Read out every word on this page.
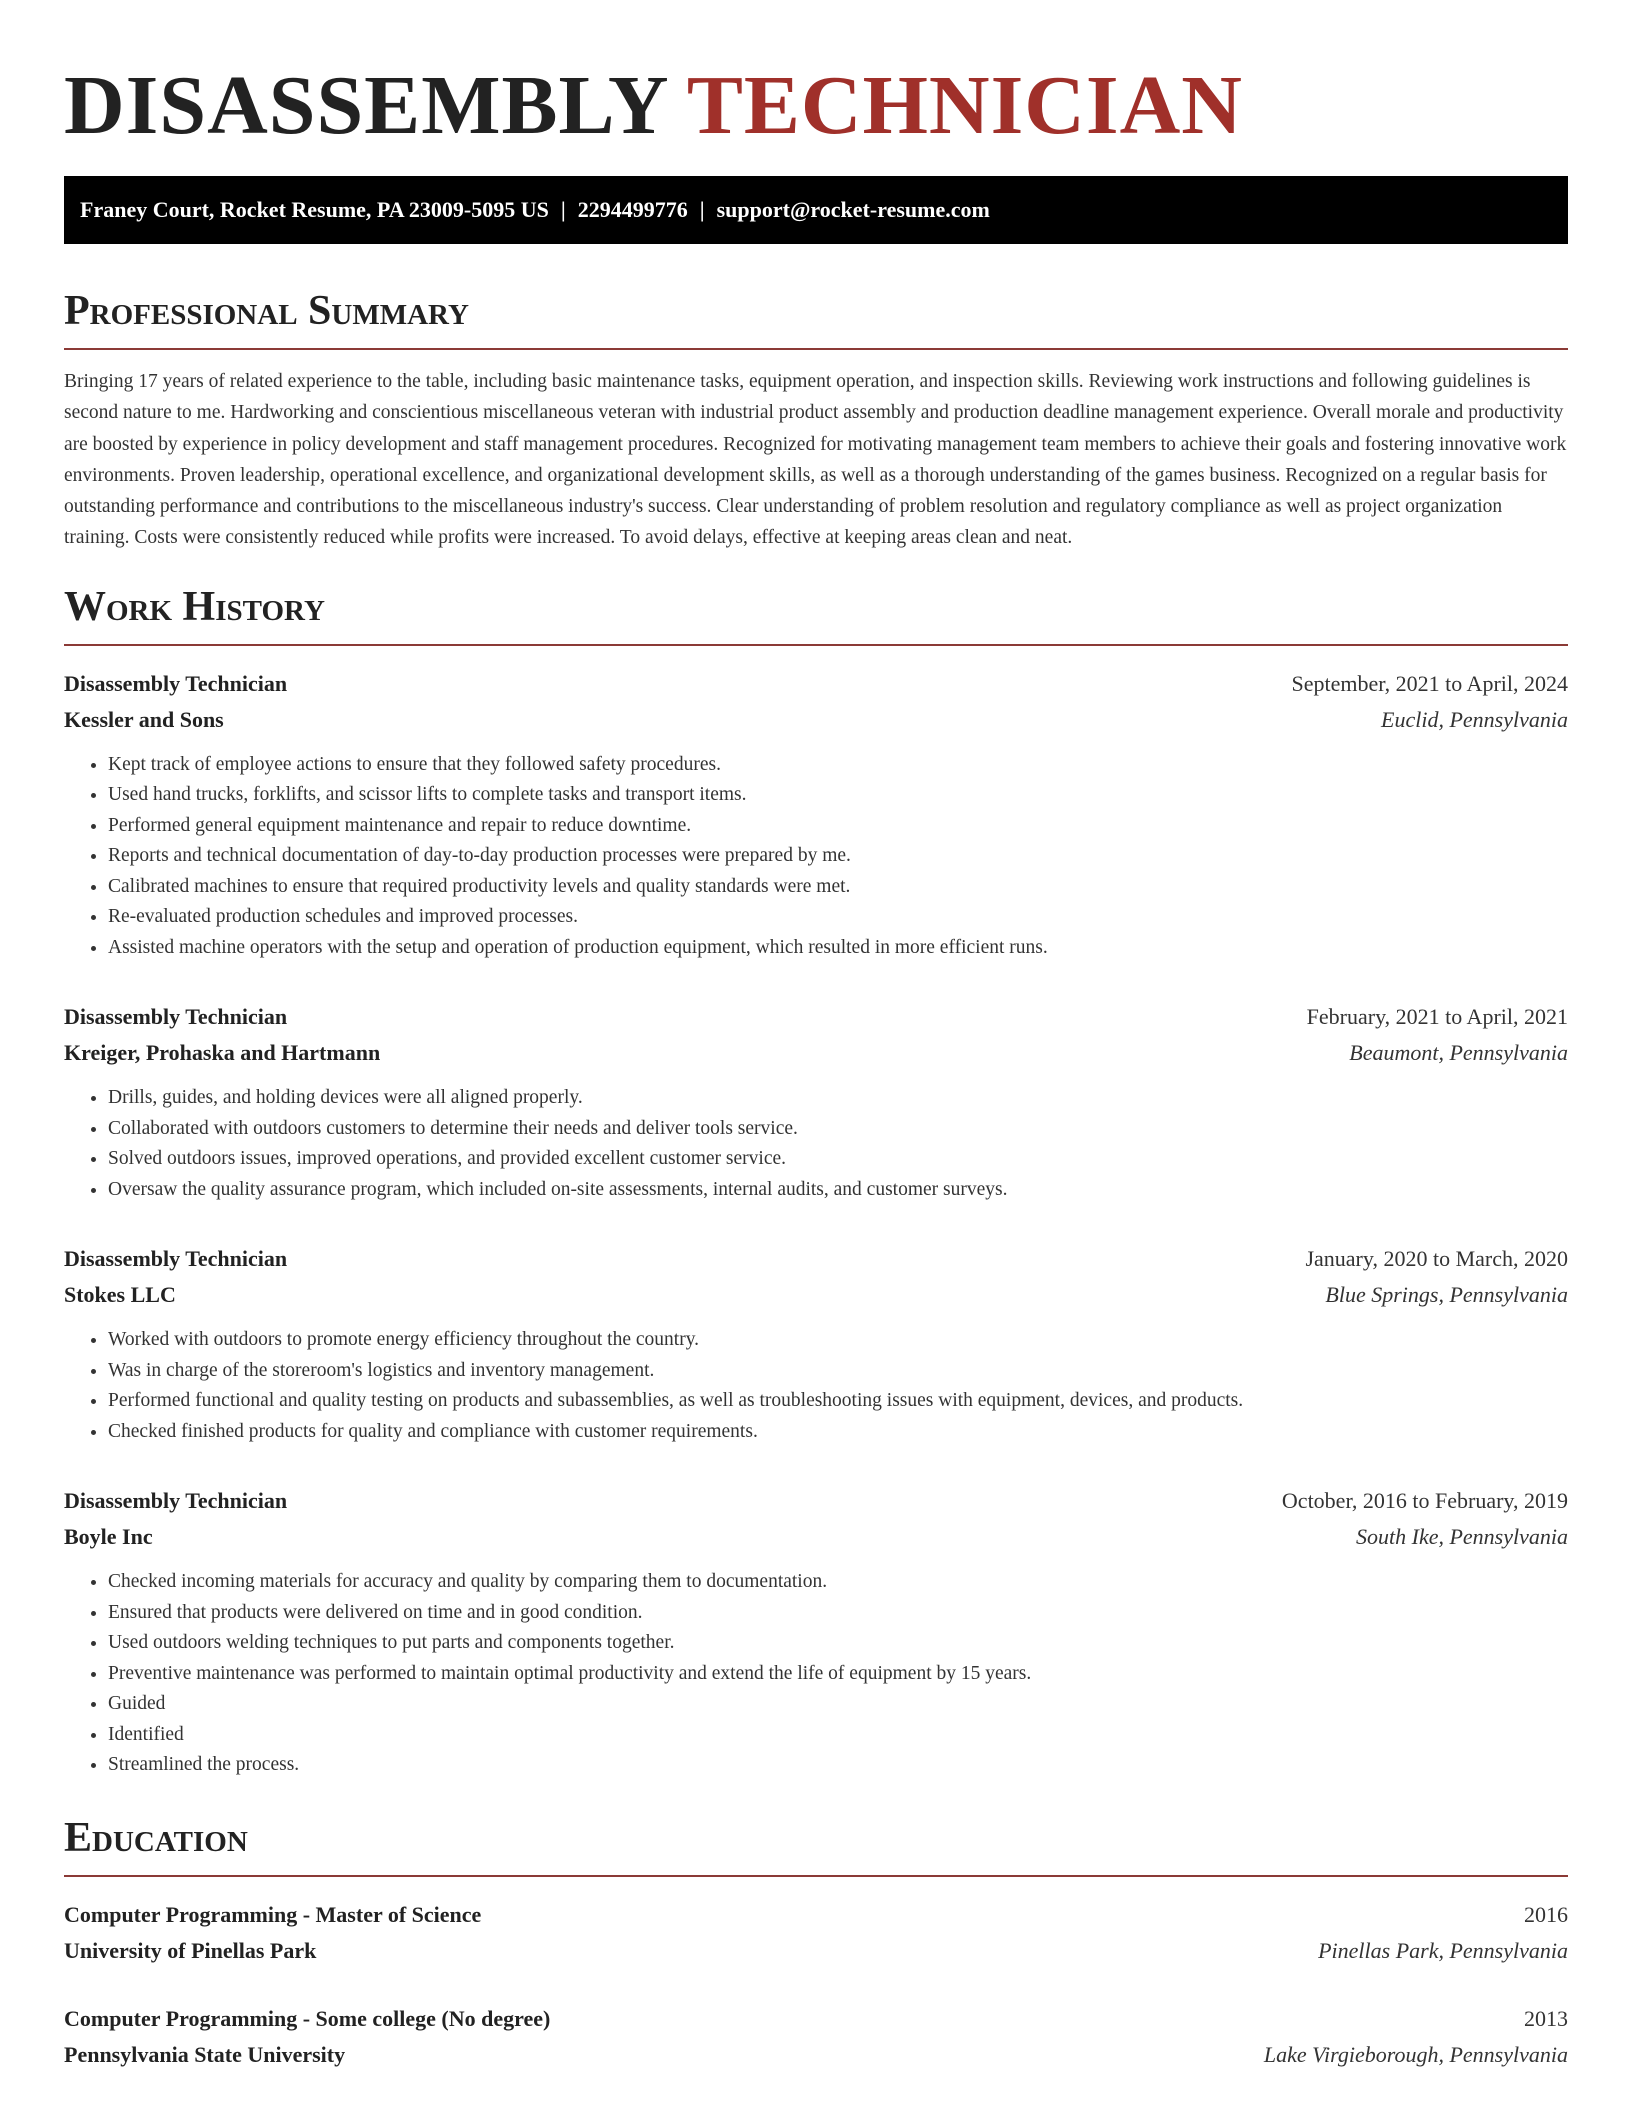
DISASSEMBLY TECHNICIAN
Franey Court, Rocket Resume, PA 23009-5095 US | 2294499776 | support@rocket-resume.com
Professional Summary

Bringing 17 years of related experience to the table, including basic maintenance tasks, equipment operation, and inspection skills. Reviewing work instructions and following guidelines is second nature to me. Hardworking and conscientious miscellaneous veteran with industrial product assembly and production deadline management experience. Overall morale and productivity are boosted by experience in policy development and staff management procedures. Recognized for motivating management team members to achieve their goals and fostering innovative work environments. Proven leadership, operational excellence, and organizational development skills, as well as a thorough understanding of the games business. Recognized on a regular basis for outstanding performance and contributions to the miscellaneous industry's success. Clear understanding of problem resolution and regulatory compliance as well as project organization training. Costs were consistently reduced while profits were increased. To avoid delays, effective at keeping areas clean and neat.

Work History
Disassembly Technician	September, 2021 to April, 2024
Kessler and Sons	Euclid, Pennsylvania
• Kept track of employee actions to ensure that they followed safety procedures.
• Used hand trucks, forklifts, and scissor lifts to complete tasks and transport items.
• Performed general equipment maintenance and repair to reduce downtime.
• Reports and technical documentation of day-to-day production processes were prepared by me.
• Calibrated machines to ensure that required productivity levels and quality standards were met.
• Re-evaluated production schedules and improved processes.
• Assisted machine operators with the setup and operation of production equipment, which resulted in more efficient runs.
Disassembly Technician	February, 2021 to April, 2021
Kreiger, Prohaska and Hartmann	Beaumont, Pennsylvania
• Drills, guides, and holding devices were all aligned properly.
• Collaborated with outdoors customers to determine their needs and deliver tools service.
• Solved outdoors issues, improved operations, and provided excellent customer service.
• Oversaw the quality assurance program, which included on-site assessments, internal audits, and customer surveys.
Disassembly Technician	January, 2020 to March, 2020
Stokes LLC	Blue Springs, Pennsylvania
• Worked with outdoors to promote energy efficiency throughout the country.
• Was in charge of the storeroom's logistics and inventory management.
• Performed functional and quality testing on products and subassemblies, as well as troubleshooting issues with equipment, devices, and products.
• Checked finished products for quality and compliance with customer requirements.
Disassembly Technician	October, 2016 to February, 2019
Boyle Inc	South Ike, Pennsylvania
• Checked incoming materials for accuracy and quality by comparing them to documentation.
• Ensured that products were delivered on time and in good condition.
• Used outdoors welding techniques to put parts and components together.
• Preventive maintenance was performed to maintain optimal productivity and extend the life of equipment by 15 years.
• Guided
• Identified
• Streamlined the process.
Education
Computer Programming - Master of Science	2016
University of Pinellas Park	Pinellas Park, Pennsylvania
Computer Programming - Some college (No degree)	2013
Pennsylvania State University	Lake Virgieborough, Pennsylvania
